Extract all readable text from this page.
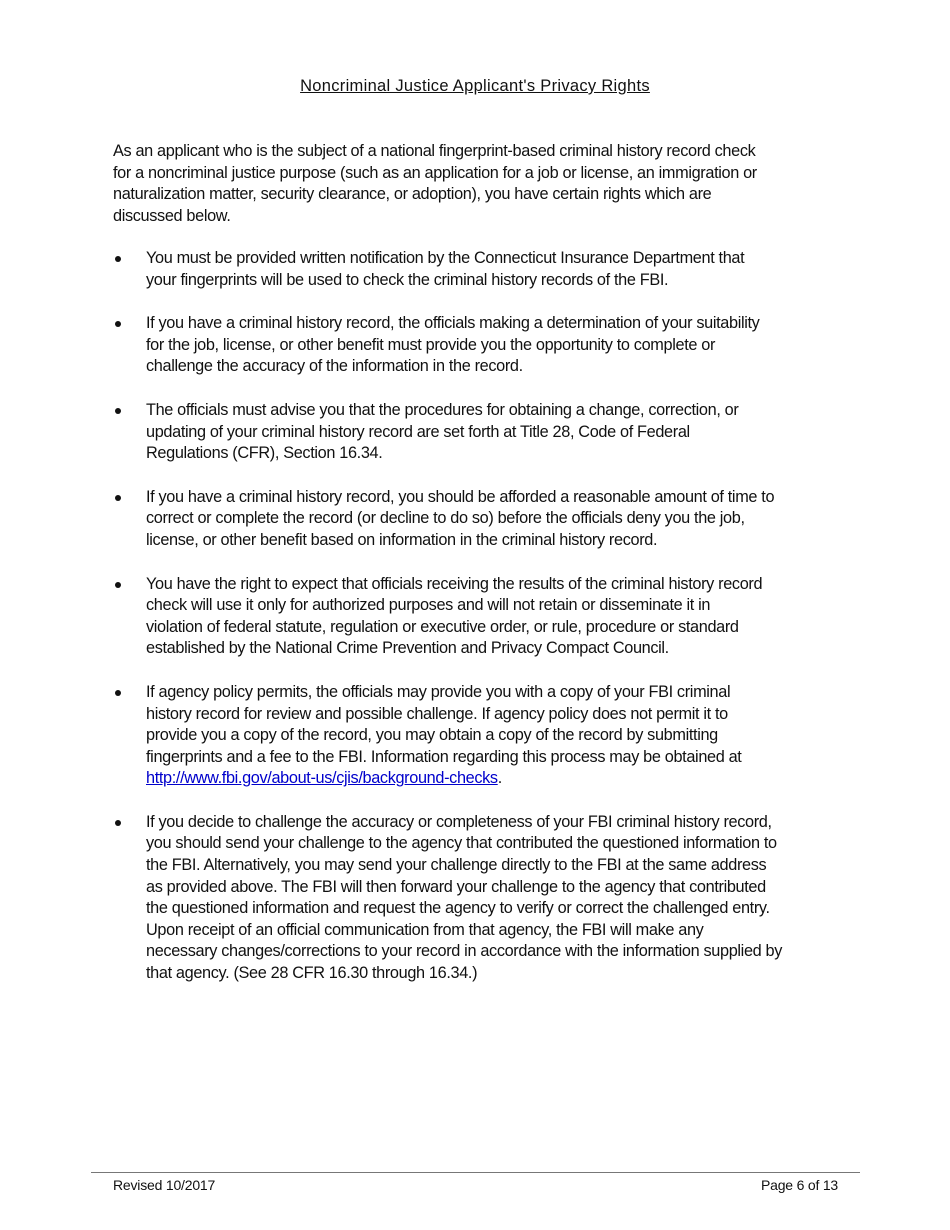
Noncriminal Justice Applicant's Privacy Rights
As an applicant who is the subject of a national fingerprint-based criminal history record check
for a noncriminal justice purpose (such as an application for a job or license, an immigration or
naturalization matter, security clearance, or adoption), you have certain rights which are
discussed below.
You must be provided written notification by the Connecticut Insurance Department that
your fingerprints will be used to check the criminal history records of the FBI.
If you have a criminal history record, the officials making a determination of your suitability
for the job, license, or other benefit must provide you the opportunity to complete or
challenge the accuracy of the information in the record.
The officials must advise you that the procedures for obtaining a change, correction, or
updating of your criminal history record are set forth at Title 28, Code of Federal
Regulations (CFR), Section 16.34.
If you have a criminal history record, you should be afforded a reasonable amount of time to
correct or complete the record (or decline to do so) before the officials deny you the job,
license, or other benefit based on information in the criminal history record.
You have the right to expect that officials receiving the results of the criminal history record
check will use it only for authorized purposes and will not retain or disseminate it in
violation of federal statute, regulation or executive order, or rule, procedure or standard
established by the National Crime Prevention and Privacy Compact Council.
If agency policy permits, the officials may provide you with a copy of your FBI criminal
history record for review and possible challenge. If agency policy does not permit it to
provide you a copy of the record, you may obtain a copy of the record by submitting
fingerprints and a fee to the FBI. Information regarding this process may be obtained at
http://www.fbi.gov/about-us/cjis/background-checks.
If you decide to challenge the accuracy or completeness of your FBI criminal history record,
you should send your challenge to the agency that contributed the questioned information to
the FBI. Alternatively, you may send your challenge directly to the FBI at the same address
as provided above. The FBI will then forward your challenge to the agency that contributed
the questioned information and request the agency to verify or correct the challenged entry.
Upon receipt of an official communication from that agency, the FBI will make any
necessary changes/corrections to your record in accordance with the information supplied by
that agency. (See 28 CFR 16.30 through 16.34.)
Revised 10/2017	Page 6 of 13
